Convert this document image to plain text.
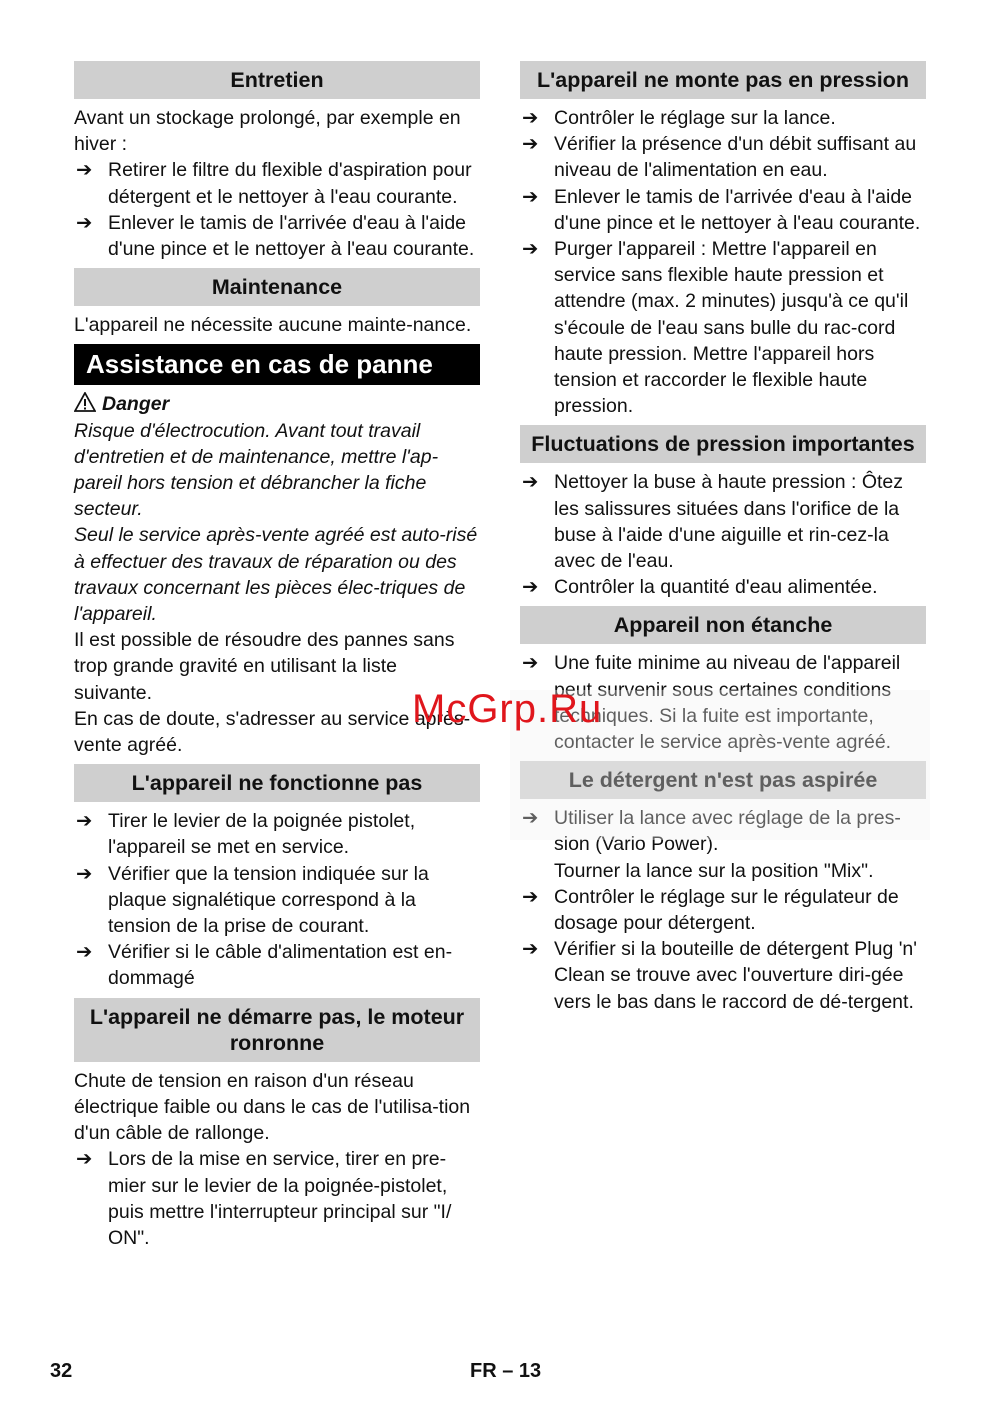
Entretien

Avant un stockage prolongé, par exemple en hiver :

➔ Retirer le filtre du flexible d'aspiration pour détergent et le nettoyer à l'eau courante.
➔ Enlever le tamis de l'arrivée d'eau à l'aide d'une pince et le nettoyer à l'eau courante.
Maintenance

L'appareil ne nécessite aucune mainte-nance.

Assistance en cas de panne
Danger

Risque d'électrocution. Avant tout travail d'entretien et de maintenance, mettre l'ap-pareil hors tension et débrancher la fiche secteur.

Seul le service après-vente agréé est auto-risé à effectuer des travaux de réparation ou des travaux concernant les pièces élec-triques de l'appareil.

Il est possible de résoudre des pannes sans trop grande gravité en utilisant la liste suivante.

En cas de doute, s'adresser au service après-vente agréé.

L'appareil ne fonctionne pas
➔ Tirer le levier de la poignée pistolet, l'appareil se met en service.
➔ Vérifier que la tension indiquée sur la plaque signalétique correspond à la tension de la prise de courant.
➔ Vérifier si le câble d'alimentation est en-dommagé
L'appareil ne démarre pas, le moteur ronronne

Chute de tension en raison d'un réseau électrique faible ou dans le cas de l'utilisa-tion d'un câble de rallonge.

➔ Lors de la mise en service, tirer en pre-mier sur le levier de la poignée-pistolet, puis mettre l'interrupteur principal sur "I/ ON".
L'appareil ne monte pas en pression
➔ Contrôler le réglage sur la lance.
➔ Vérifier la présence d'un débit suffisant au niveau de l'alimentation en eau.
➔ Enlever le tamis de l'arrivée d'eau à l'aide d'une pince et le nettoyer à l'eau courante.
➔ Purger l'appareil : Mettre l'appareil en service sans flexible haute pression et attendre (max. 2 minutes) jusqu'à ce qu'il s'écoule de l'eau sans bulle du rac-cord haute pression. Mettre l'appareil hors tension et raccorder le flexible haute pression.
Fluctuations de pression importantes
➔ Nettoyer la buse à haute pression : Ôtez les salissures situées dans l'orifice de la buse à l'aide d'une aiguille et rin-cez-la avec de l'eau.
➔ Contrôler la quantité d'eau alimentée.
Appareil non étanche
➔ Une fuite minime au niveau de l'appareil peut survenir sous certaines conditions techniques. Si la fuite est importante, contacter le service après-vente agréé.
Le détergent n'est pas aspirée
➔ Utiliser la lance avec réglage de la pres-sion (Vario Power).
Tourner la lance sur la position "Mix".
➔ Contrôler le réglage sur le régulateur de dosage pour détergent.
➔ Vérifier si la bouteille de détergent Plug 'n' Clean se trouve avec l'ouverture diri-gée vers le bas dans le raccord de dé-tergent.
McGrp.Ru
32	FR – 13
